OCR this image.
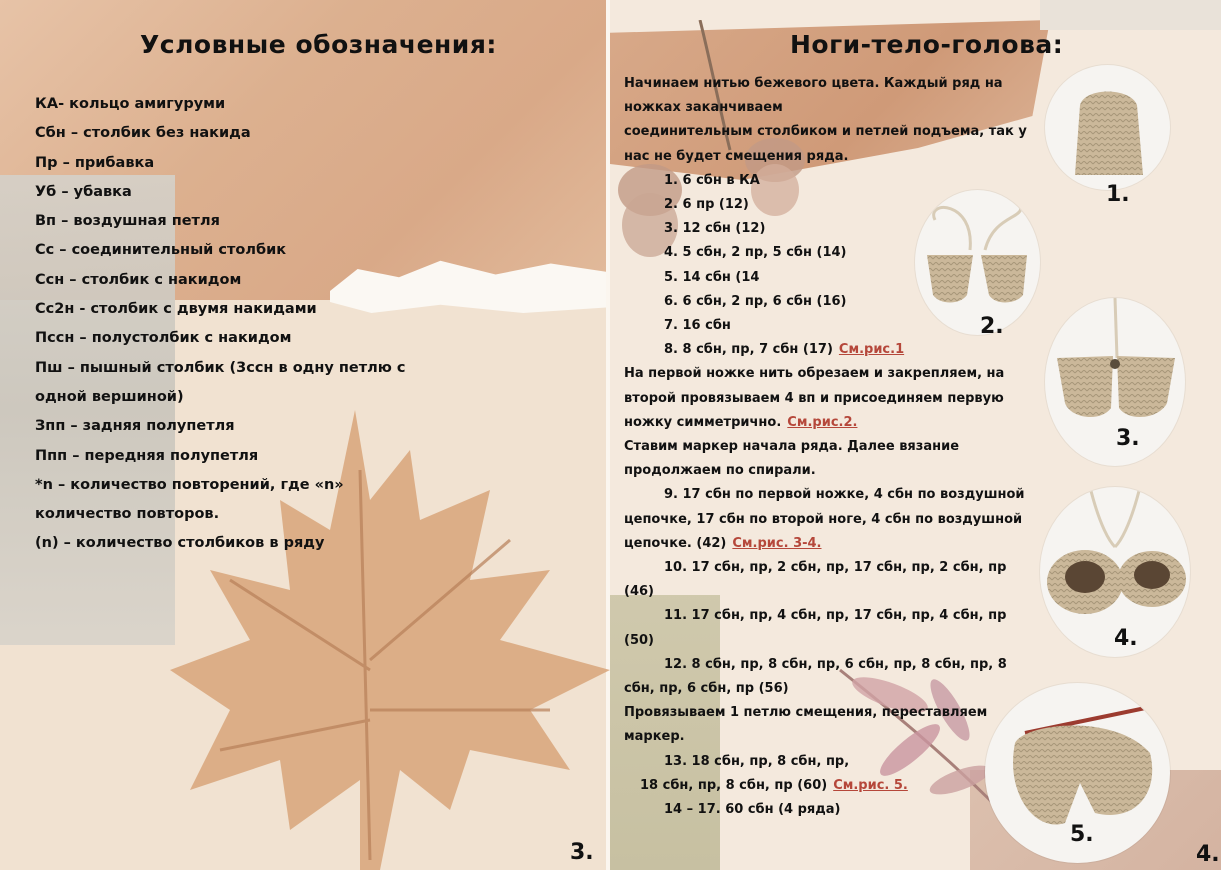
Условные обозначения:
КА- кольцо амигуруми
Сбн – столбик без накида
Пр – прибавка
Уб – убавка
Вп – воздушная петля
Сс – соединительный столбик
Ссн – столбик с накидом
Сс2н - столбик с двумя накидами
Пссн – полустолбик с накидом
Пш – пышный столбик (3ссн в одну петлю с
одной вершиной)
Зпп – задняя полупетля
Ппп – передняя полупетля
*n – количество повторений, где «n»
количество повторов.
(n) – количество столбиков в ряду

3.

Ноги-тело-голова:

Начинаем нитью бежевого цвета. Каждый ряд на

ножках заканчиваем

соединительным столбиком и петлей подъема, так у

нас не будет смещения ряда.

1. 6 сбн в КА

2. 6 пр (12)

3. 12 сбн (12)

4. 5 сбн, 2 пр, 5 сбн (14)

5. 14 сбн (14

6. 6 сбн, 2 пр, 6 сбн (16)

7. 16 сбн

8. 8 сбн, пр, 7 сбн (17) См.рис.1

На первой ножке нить обрезаем и закрепляем, на

второй провязываем 4 вп и присоединяем первую

ножку симметрично. См.рис.2.

Ставим маркер начала ряда. Далее вязание

продолжаем по спирали.

9. 17 сбн по первой ножке, 4 сбн по воздушной

цепочке, 17 сбн по второй ноге, 4 сбн по воздушной

цепочке. (42) См.рис. 3-4.

10. 17 сбн, пр, 2 сбн, пр, 17 сбн, пр, 2 сбн, пр

(46)

11. 17 сбн, пр, 4 сбн, пр, 17 сбн, пр, 4 сбн, пр

(50)

12. 8 сбн, пр, 8 сбн, пр, 6 сбн, пр, 8 сбн, пр, 8

сбн, пр, 6 сбн, пр (56)

Провязываем 1 петлю смещения, переставляем

маркер.

13. 18 сбн, пр, 8 сбн, пр,

18 сбн, пр, 8 сбн, пр (60) См.рис. 5.

14 – 17. 60 сбн (4 ряда)

4.

1.

2.

3.

4.

5.
